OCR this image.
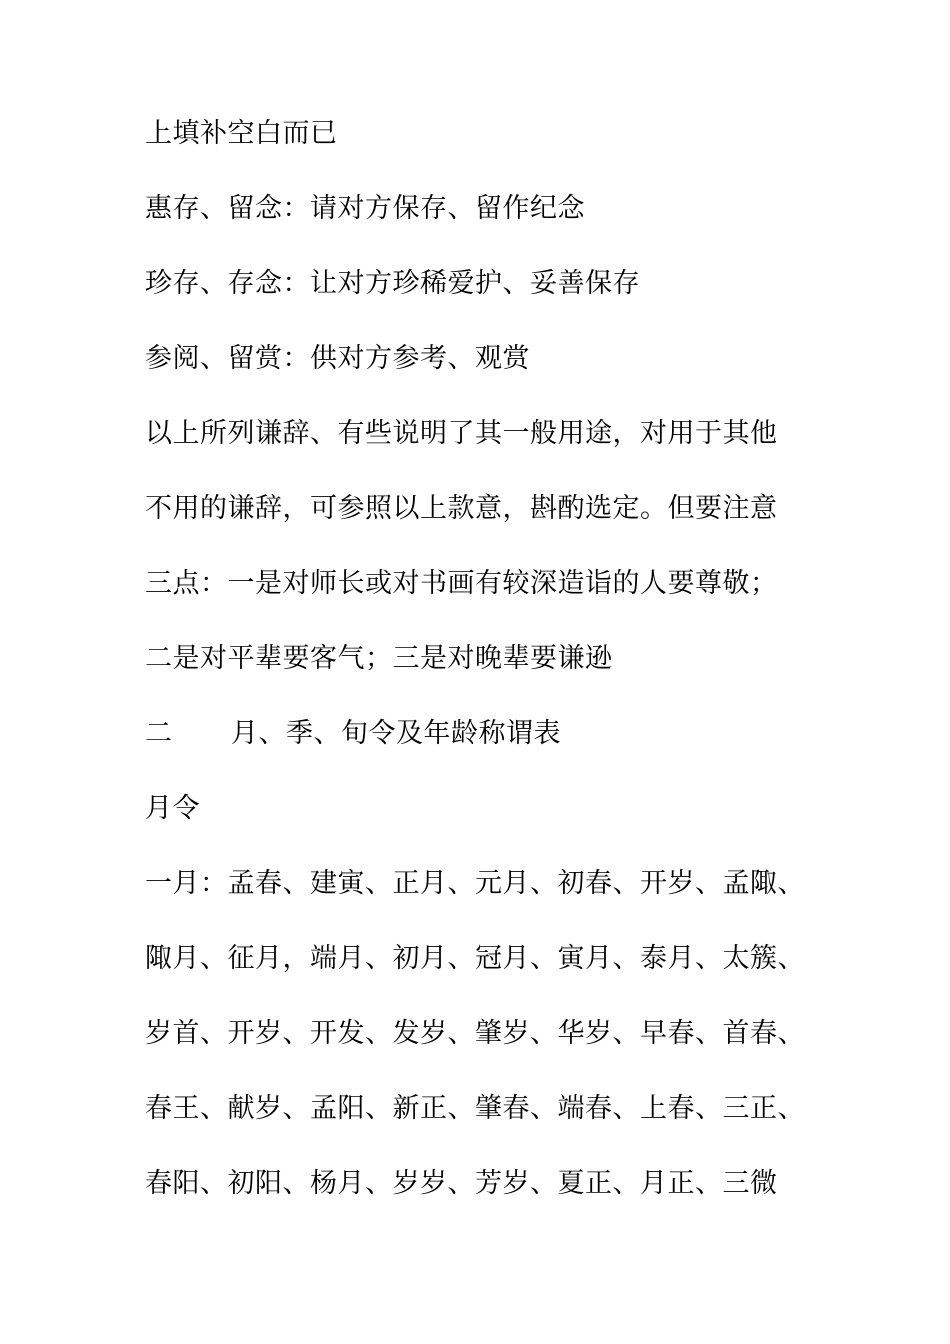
上填补空白而已
惠存、留念：请对方保存、留作纪念
珍存、存念：让对方珍稀爱护、妥善保存
参阅、留赏：供对方参考、观赏
以上所列谦辞、有些说明了其一般用途，对用于其他
不用的谦辞，可参照以上款意，斟酌选定。但要注意
三点：一是对师长或对书画有较深造诣的人要尊敬；
二是对平辈要客气；三是对晚辈要谦逊
二 月、季、旬令及年龄称谓表
月令
一月：孟春、建寅、正月、元月、初春、开岁、孟陬、
陬月、征月，端月、初月、冠月、寅月、泰月、太簇、
岁首、开岁、开发、发岁、肇岁、华岁、早春、首春、
春王、献岁、孟阳、新正、肇春、端春、上春、三正、
春阳、初阳、杨月、岁岁、芳岁、夏正、月正、三微
